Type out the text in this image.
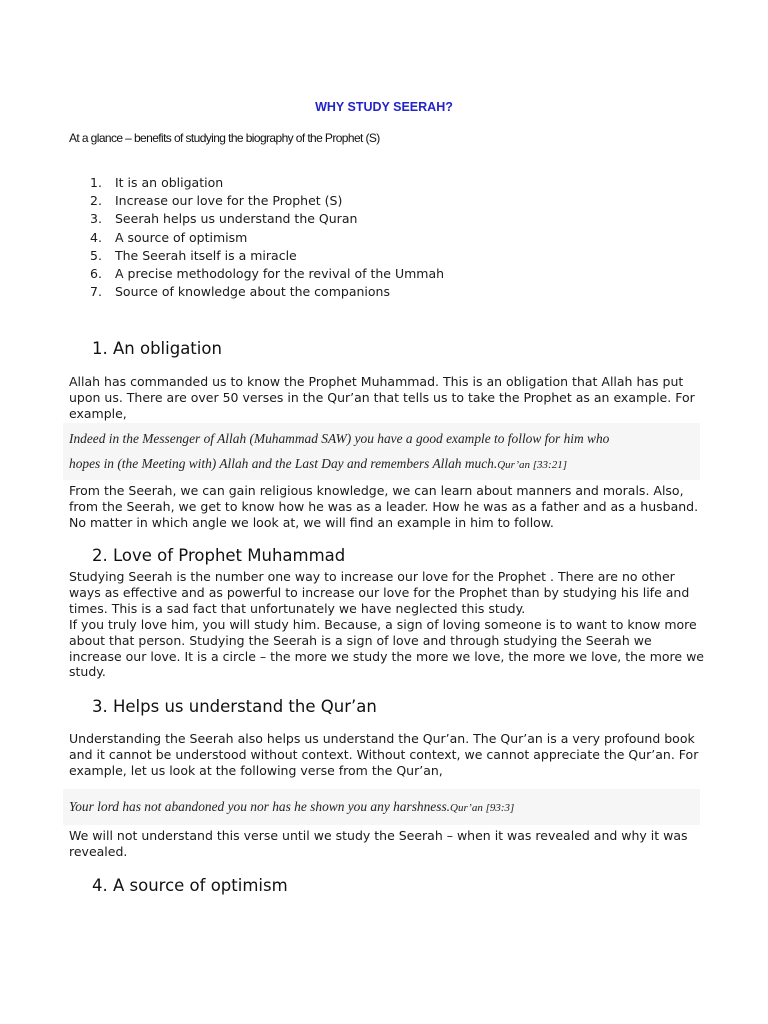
WHY STUDY SEERAH?
At a glance – benefits of studying the biography of the Prophet (S)
1. It is an obligation
2. Increase our love for the Prophet (S)
3. Seerah helps us understand the Quran
4. A source of optimism
5. The Seerah itself is a miracle
6. A precise methodology for the revival of the Ummah
7. Source of knowledge about the companions
1. An obligation

Allah has commanded us to know the Prophet Muhammad. This is an obligation that Allah has put upon us. There are over 50 verses in the Qur’an that tells us to take the Prophet as an example. For example,

Indeed in the Messenger of Allah (Muhammad SAW) you have a good example to follow for him who
hopes in (the Meeting with) Allah and the Last Day and remembers Allah much.Qur’an [33:21]

From the Seerah, we can gain religious knowledge, we can learn about manners and morals. Also, from the Seerah, we get to know how he was as a leader. How he was as a father and as a husband. No matter in which angle we look at, we will find an example in him to follow.

2. Love of Prophet Muhammad

Studying Seerah is the number one way to increase our love for the Prophet . There are no other ways as effective and as powerful to increase our love for the Prophet than by studying his life and times. This is a sad fact that unfortunately we have neglected this study.

If you truly love him, you will study him. Because, a sign of loving someone is to want to know more about that person. Studying the Seerah is a sign of love and through studying the Seerah we increase our love. It is a circle – the more we study the more we love, the more we love, the more we study.

3. Helps us understand the Qur’an

Understanding the Seerah also helps us understand the Qur’an. The Qur’an is a very profound book and it cannot be understood without context. Without context, we cannot appreciate the Qur’an. For example, let us look at the following verse from the Qur’an,

Your lord has not abandoned you nor has he shown you any harshness.Qur’an [93:3]

We will not understand this verse until we study the Seerah – when it was revealed and why it was revealed.

4. A source of optimism
